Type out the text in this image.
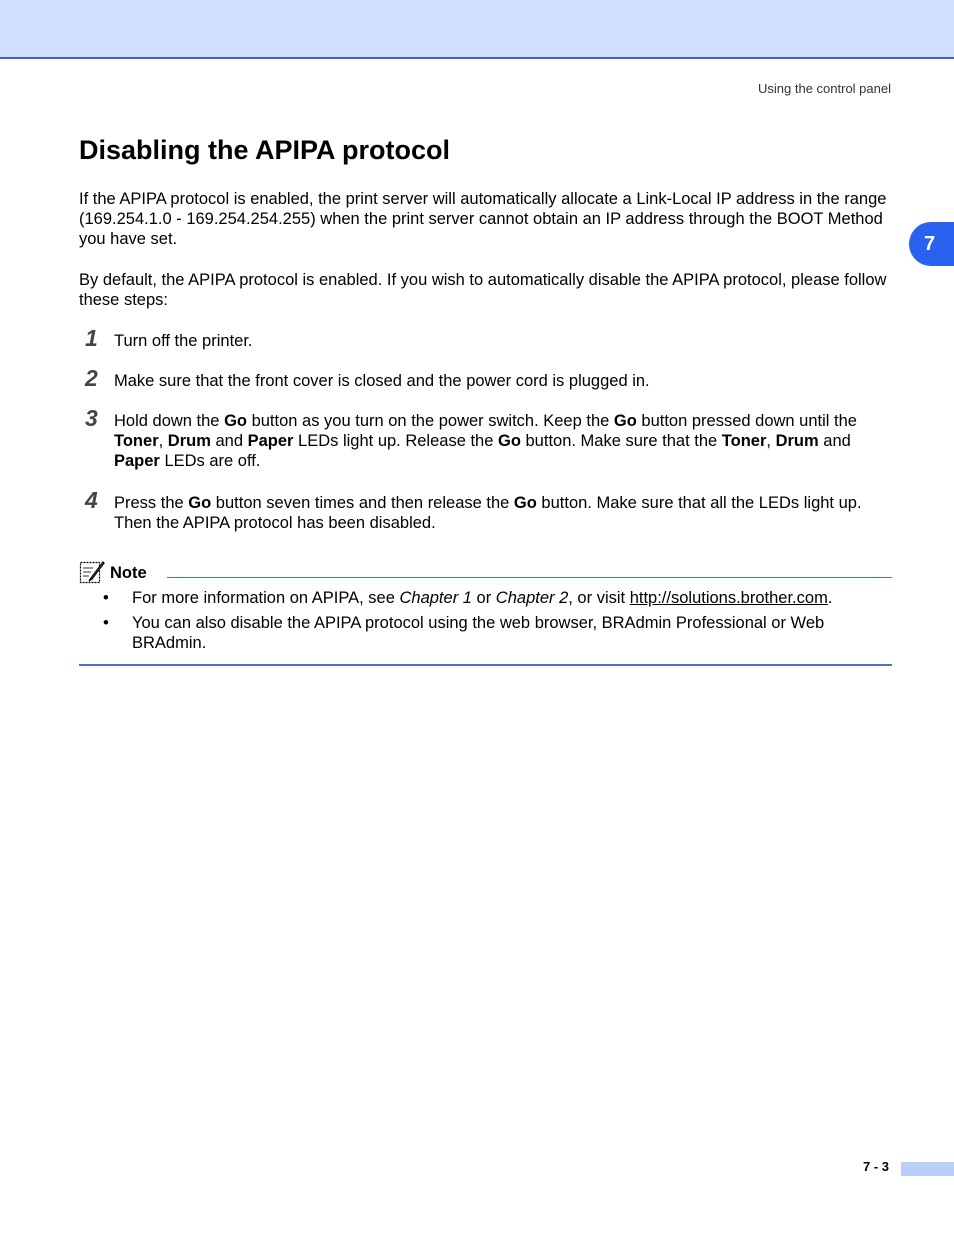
Using the control panel
7
Disabling the APIPA protocol

If the APIPA protocol is enabled, the print server will automatically allocate a Link-Local IP address in the range (169.254.1.0 - 169.254.254.255) when the print server cannot obtain an IP address through the BOOT Method you have set.

By default, the APIPA protocol is enabled. If you wish to automatically disable the APIPA protocol, please follow these steps:

1 Turn off the printer.

2 Make sure that the front cover is closed and the power cord is plugged in.

3 Hold down the Go button as you turn on the power switch. Keep the Go button pressed down until the Toner, Drum and Paper LEDs light up. Release the Go button. Make sure that the Toner, Drum and Paper LEDs are off.

4 Press the Go button seven times and then release the Go button. Make sure that all the LEDs light up. Then the APIPA protocol has been disabled.

Note
• For more information on APIPA, see Chapter 1 or Chapter 2, or visit http://solutions.brother.com.

• You can also disable the APIPA protocol using the web browser, BRAdmin Professional or Web BRAdmin.

7 - 3
